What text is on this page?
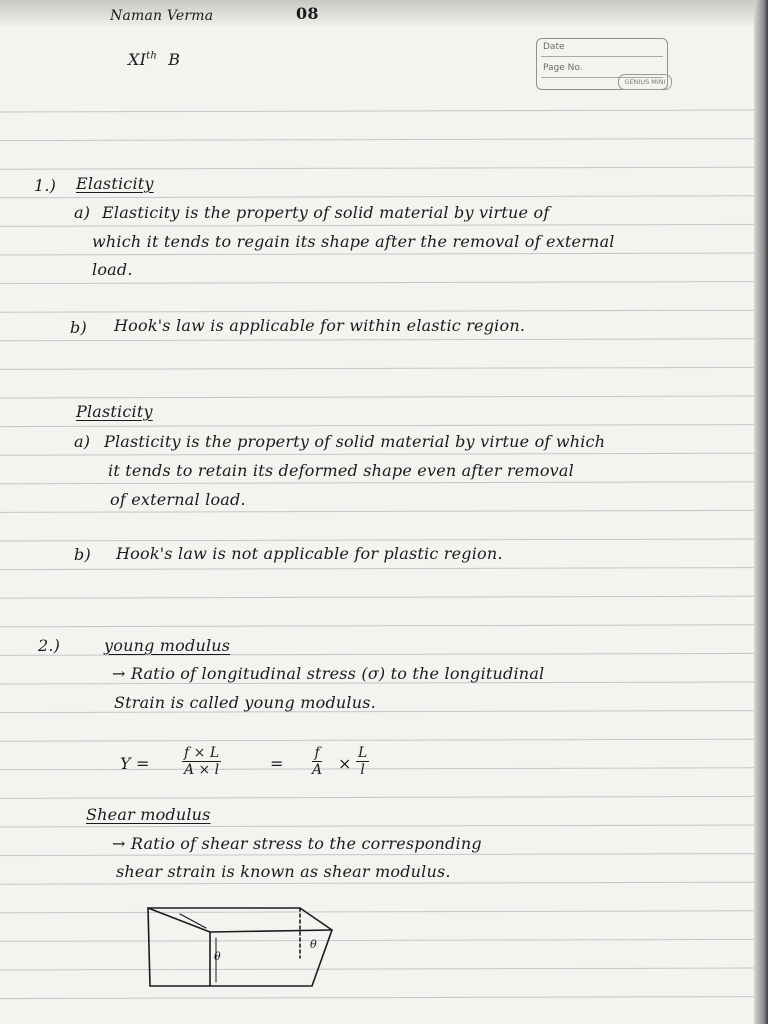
Naman Verma	08
XIth B
Date
Page No.
GENIUS MINI
1.) Elasticity
a) Elasticity is the property of solid material by virtue of
which it tends to regain its shape after the removal of external
load.
b) Hook's law is applicable for within elastic region.
Plasticity
a) Plasticity is the property of solid material by virtue of which
it tends to retain its deformed shape even after removal
of external load.
b) Hook's law is not applicable for plastic region.
2.)	young modulus
→ Ratio of longitudinal stress (σ) to the longitudinal
Strain is called young modulus.
$Y = \frac{f \times L}{A \times l}$	= $\frac{f}{A} \times \frac{L}{l}$
Shear modulus
→ Ratio of shear stress to the corresponding
shear strain is known as shear modulus.
θ
θ
